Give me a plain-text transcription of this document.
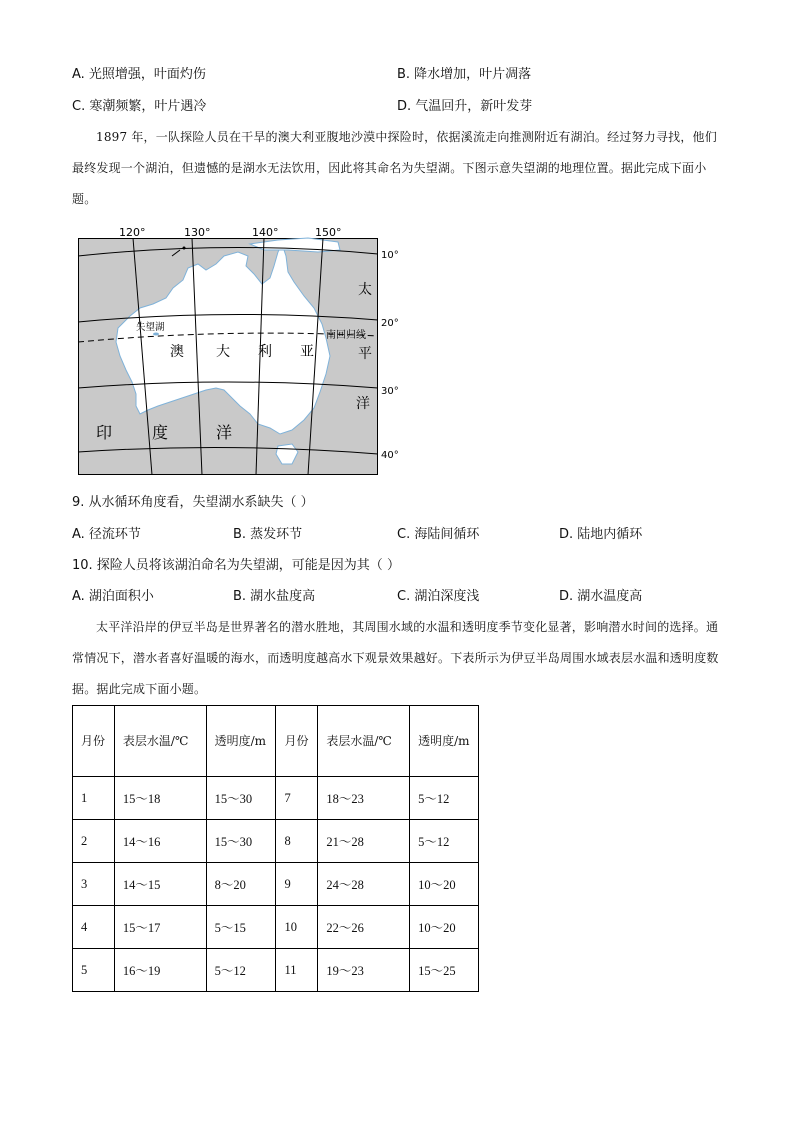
A. 光照增强，叶面灼伤	B. 降水增加，叶片凋落
C. 寒潮频繁，叶片遇冷	D. 气温回升，新叶发芽

1897 年，一队探险人员在干旱的澳大利亚腹地沙漠中探险时，依据溪流走向推测附近有湖泊。经过努力寻找，他们最终发现一个湖泊，但遗憾的是湖水无法饮用，因此将其命名为失望湖。下图示意失望湖的地理位置。据此完成下面小题。

120°	130°	140°	150°
10°
20°
30°
40°
失望湖
南回归线
澳 大 利 亚
太
平
洋
印 度	洋
9. 从水循环角度看，失望湖水系缺失（ ）
A. 径流环节	B. 蒸发环节	C. 海陆间循环	D. 陆地内循环
10. 探险人员将该湖泊命名为失望湖，可能是因为其（ ）
A. 湖泊面积小	B. 湖水盐度高	C. 湖泊深度浅	D. 湖水温度高

太平洋沿岸的伊豆半岛是世界著名的潜水胜地，其周围水域的水温和透明度季节变化显著，影响潜水时间的选择。通常情况下，潜水者喜好温暖的海水，而透明度越高水下观景效果越好。下表所示为伊豆半岛周围水域表层水温和透明度数据。据此完成下面小题。

月份	表层水温/℃	透明度/m	月份	表层水温/℃	透明度/m
1	15～18	15～30	7	18～23	5～12
2	14～16	15～30	8	21～28	5～12
3	14～15	8～20	9	24～28	10～20
4	15～17	5～15	10	22～26	10～20
5	16～19	5～12	11	19～23	15～25
